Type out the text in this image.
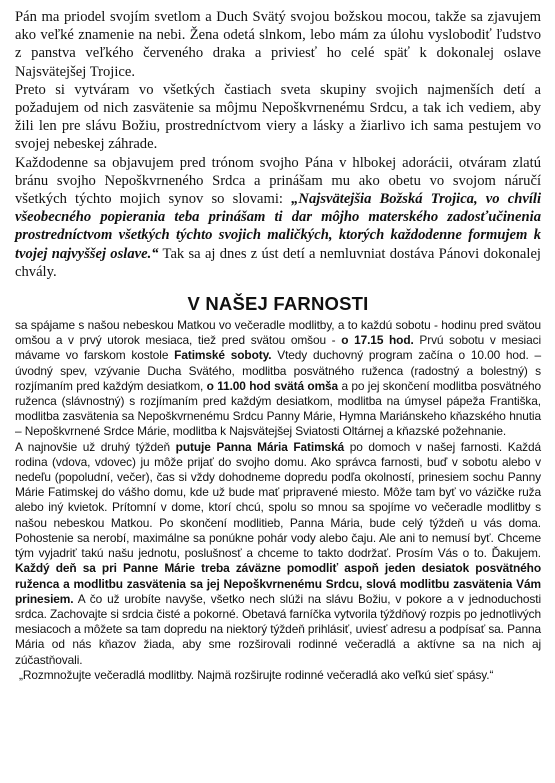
Pán ma priodel svojím svetlom a Duch Svätý svojou božskou mocou, takže sa zjavujem ako veľké znamenie na nebi. Žena odetá slnkom, lebo mám za úlohu vyslobodiť ľudstvo z panstva veľkého červeného draka a priviesť ho celé späť k dokonalej oslave Najsvätejšej Trojice.

Preto si vytváram vo všetkých častiach sveta skupiny svojich najmenších detí a požadujem od nich zasvätenie sa môjmu Nepoškvrnenému Srdcu, a tak ich vediem, aby žili len pre slávu Božiu, prostredníctvom viery a lásky a žiarlivo ich sama pestujem vo svojej nebeskej záhrade.

Každodenne sa objavujem pred trónom svojho Pána v hlbokej adorácii, otváram zlatú bránu svojho Nepoškvrneného Srdca a prinášam mu ako obetu vo svojom náručí všetkých týchto mojich synov so slovami: „Najsvätejšia Božská Trojica, vo chvíli všeobecného popierania teba prinášam ti dar môjho materského zadosťučinenia prostredníctvom všetkých týchto svojich maličkých, ktorých každodenne formujem k tvojej najvyššej oslave.“ Tak sa aj dnes z úst detí a nemluvniat dostáva Pánovi dokonalej chvály.

V NAŠEJ FARNOSTI

sa spájame s našou nebeskou Matkou vo večeradle modlitby, a to každú sobotu - hodinu pred svätou omšou a v prvý utorok mesiaca, tiež pred svätou omšou - o 17.15 hod. Prvú sobotu v mesiaci mávame vo farskom kostole Fatimské soboty. Vtedy duchovný program začína o 10.00 hod. – úvodný spev, vzývanie Ducha Svätého, modlitba posvätného ruženca (radostný a bolestný) s rozjímaním pred každým desiatkom, o 11.00 hod svätá omša a po jej skončení modlitba posvätného ruženca (slávnostný) s rozjímaním pred každým desiatkom, modlitba na úmysel pápeža Františka, modlitba zasvätenia sa Nepoškvrnenému Srdcu Panny Márie, Hymna Mariánskeho kňazského hnutia – Nepoškvrnené Srdce Márie, modlitba k Najsvätejšej Sviatosti Oltárnej a kňazské požehnanie.

A najnovšie už druhý týždeň putuje Panna Mária Fatimská po domoch v našej farnosti. Každá rodina (vdova, vdovec) ju môže prijať do svojho domu. Ako správca farnosti, buď v sobotu alebo v nedeľu (popoludní, večer), čas si vždy dohodneme dopredu podľa okolností, prinesiem sochu Panny Márie Fatimskej do vášho domu, kde už bude mať pripravené miesto. Môže tam byť vo vázičke ruža alebo iný kvietok. Prítomní v dome, ktorí chcú, spolu so mnou sa spojíme vo večeradle modlitby s našou nebeskou Matkou. Po skončení modlitieb, Panna Mária, bude celý týždeň u vás doma. Pohostenie sa nerobí, maximálne sa ponúkne pohár vody alebo čaju. Ale ani to nemusí byť. Chceme tým vyjadriť takú našu jednotu, poslušnosť a chceme to takto dodržať. Prosím Vás o to. Ďakujem. Každý deň sa pri Panne Márie treba záväzne pomodliť aspoň jeden desiatok posvätného ruženca a modlitbu zasvätenia sa jej Nepoškvrnenému Srdcu, slová modlitbu zasvätenia Vám prinesiem. A čo už urobíte navyše, všetko nech slúži na slávu Božiu, v pokore a v jednoduchosti srdca. Zachovajte si srdcia čisté a pokorné. Obetavá farníčka vytvorila týždňový rozpis po jednotlivých mesiacoch a môžete sa tam dopredu na niektorý týždeň prihlásiť, uviesť adresu a podpísať sa. Panna Mária od nás kňazov žiada, aby sme rozširovali rodinné večeradlá a aktívne sa na nich aj zúčastňovali.

„Rozmnožujte večeradlá modlitby. Najmä rozširujte rodinné večeradlá ako veľkú sieť spásy.“
